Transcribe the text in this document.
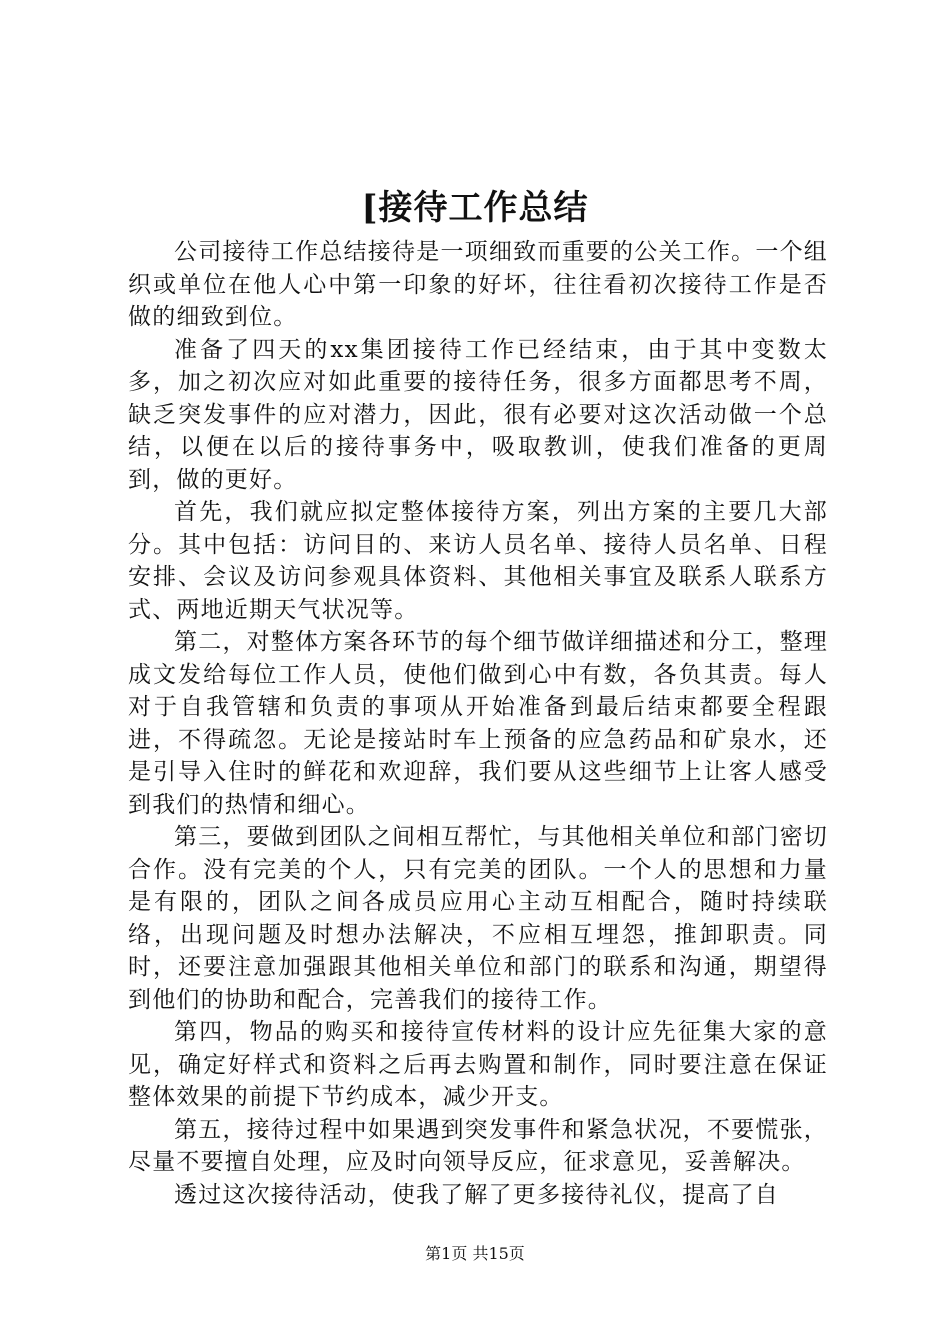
[接待工作总结

公司接待工作总结接待是一项细致而重要的公关工作。一个组织或单位在他人心中第一印象的好坏，往往看初次接待工作是否做的细致到位。

准备了四天的xx集团接待工作已经结束，由于其中变数太多，加之初次应对如此重要的接待任务，很多方面都思考不周，缺乏突发事件的应对潜力，因此，很有必要对这次活动做一个总结，以便在以后的接待事务中，吸取教训，使我们准备的更周到，做的更好。

首先，我们就应拟定整体接待方案，列出方案的主要几大部分。其中包括：访问目的、来访人员名单、接待人员名单、日程安排、会议及访问参观具体资料、其他相关事宜及联系人联系方式、两地近期天气状况等。

第二，对整体方案各环节的每个细节做详细描述和分工，整理成文发给每位工作人员，使他们做到心中有数，各负其责。每人对于自我管辖和负责的事项从开始准备到最后结束都要全程跟进，不得疏忽。无论是接站时车上预备的应急药品和矿泉水，还是引导入住时的鲜花和欢迎辞，我们要从这些细节上让客人感受到我们的热情和细心。

第三，要做到团队之间相互帮忙，与其他相关单位和部门密切合作。没有完美的个人，只有完美的团队。一个人的思想和力量是有限的，团队之间各成员应用心主动互相配合，随时持续联络，出现问题及时想办法解决，不应相互埋怨，推卸职责。同时，还要注意加强跟其他相关单位和部门的联系和沟通，期望得到他们的协助和配合，完善我们的接待工作。

第四，物品的购买和接待宣传材料的设计应先征集大家的意见，确定好样式和资料之后再去购置和制作，同时要注意在保证整体效果的前提下节约成本，减少开支。

第五，接待过程中如果遇到突发事件和紧急状况，不要慌张，尽量不要擅自处理，应及时向领导反应，征求意见，妥善解决。

透过这次接待活动，使我了解了更多接待礼仪，提高了自

第1页 共15页
